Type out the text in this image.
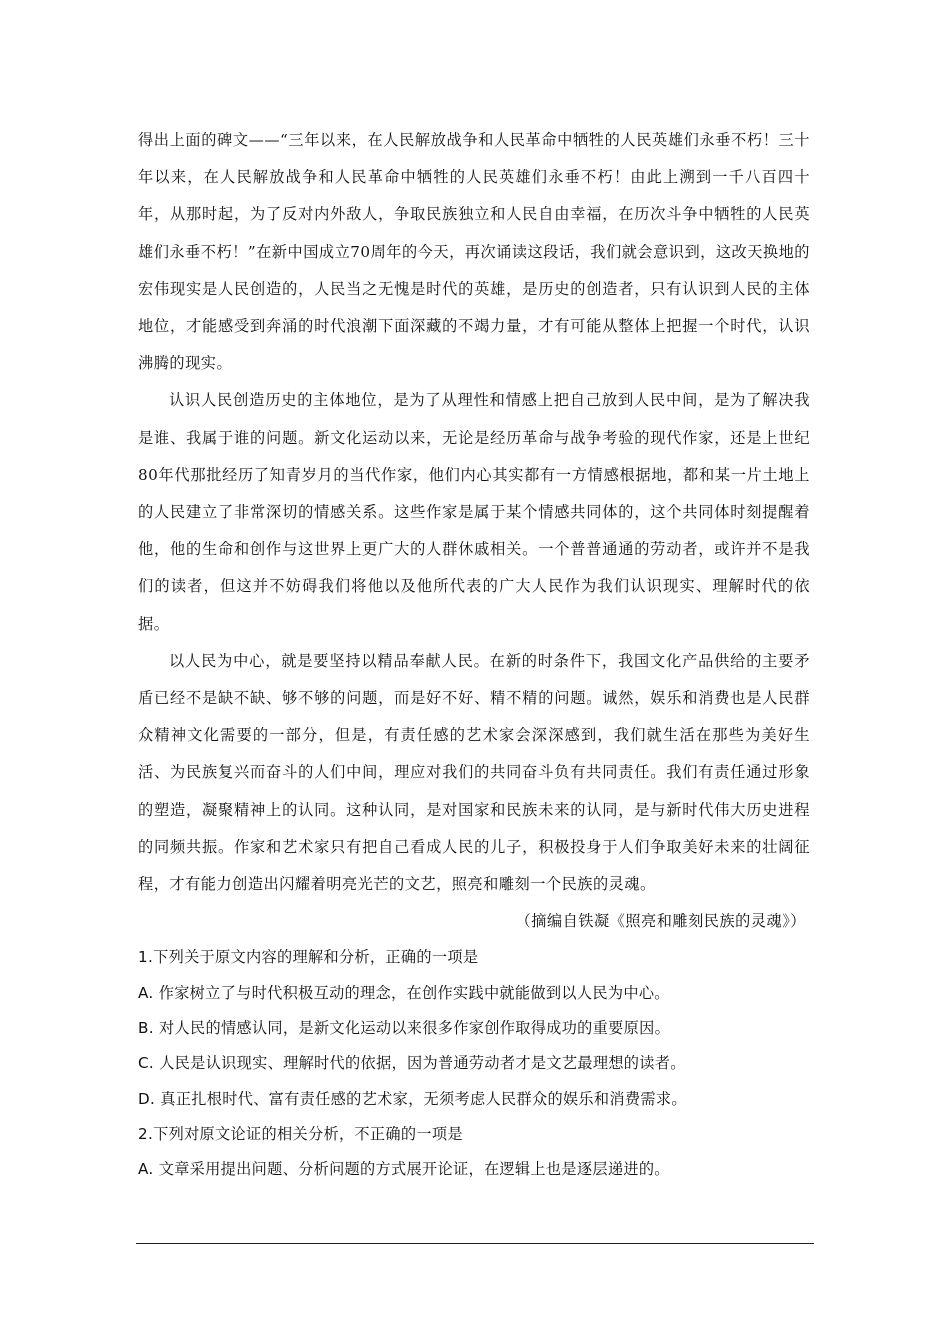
得出上面的碑文——“三年以来，在人民解放战争和人民革命中牺牲的人民英雄们永垂不朽！三十年以来，在人民解放战争和人民革命中牺牲的人民英雄们永垂不朽！由此上溯到一千八百四十年，从那时起，为了反对内外敌人，争取民族独立和人民自由幸福，在历次斗争中牺牲的人民英雄们永垂不朽！”在新中国成立70周年的今天，再次诵读这段话，我们就会意识到，这改天换地的宏伟现实是人民创造的，人民当之无愧是时代的英雄，是历史的创造者，只有认识到人民的主体地位，才能感受到奔涌的时代浪潮下面深藏的不竭力量，才有可能从整体上把握一个时代，认识沸腾的现实。

认识人民创造历史的主体地位，是为了从理性和情感上把自己放到人民中间，是为了解决我是谁、我属于谁的问题。新文化运动以来，无论是经历革命与战争考验的现代作家，还是上世纪80年代那批经历了知青岁月的当代作家，他们内心其实都有一方情感根据地，都和某一片土地上的人民建立了非常深切的情感关系。这些作家是属于某个情感共同体的，这个共同体时刻提醒着他，他的生命和创作与这世界上更广大的人群休戚相关。一个普普通通的劳动者，或许并不是我们的读者，但这并不妨碍我们将他以及他所代表的广大人民作为我们认识现实、理解时代的依据。

以人民为中心，就是要坚持以精品奉献人民。在新的时条件下，我国文化产品供给的主要矛盾已经不是缺不缺、够不够的问题，而是好不好、精不精的问题。诚然，娱乐和消费也是人民群众精神文化需要的一部分，但是，有责任感的艺术家会深深感到，我们就生活在那些为美好生活、为民族复兴而奋斗的人们中间，理应对我们的共同奋斗负有共同责任。我们有责任通过形象的塑造，凝聚精神上的认同。这种认同，是对国家和民族未来的认同，是与新时代伟大历史进程的同频共振。作家和艺术家只有把自己看成人民的儿子，积极投身于人们争取美好未来的壮阔征程，才有能力创造出闪耀着明亮光芒的文艺，照亮和雕刻一个民族的灵魂。

（摘编自铁凝《照亮和雕刻民族的灵魂》）

1.下列关于原文内容的理解和分析，正确的一项是

A. 作家树立了与时代积极互动的理念，在创作实践中就能做到以人民为中心。

B. 对人民的情感认同，是新文化运动以来很多作家创作取得成功的重要原因。

C. 人民是认识现实、理解时代的依据，因为普通劳动者才是文艺最理想的读者。

D. 真正扎根时代、富有责任感的艺术家，无须考虑人民群众的娱乐和消费需求。

2.下列对原文论证的相关分析，不正确的一项是

A. 文章采用提出问题、分析问题的方式展开论证，在逻辑上也是逐层递进的。
